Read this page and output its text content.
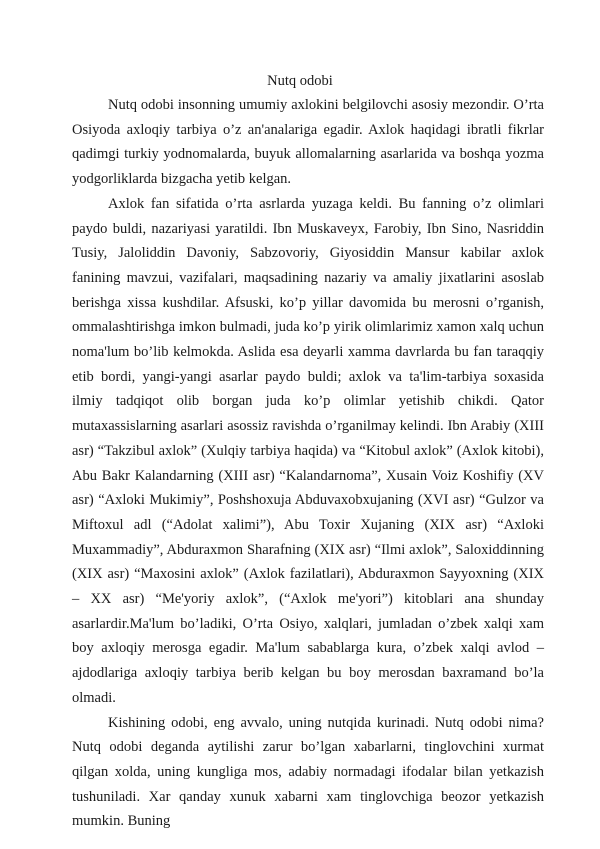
Nutq odobi

Nutq odobi insonning umumiy axlokini belgilovchi asosiy mezondir. O’rta Osiyoda axloqiy tarbiya o’z an'analariga egadir. Axlok haqidagi ibratli fikrlar qadimgi turkiy yodnomalarda, buyuk allomalarning asarlarida va boshqa yozma yodgorliklarda bizgacha yetib kelgan.

Axlok fan sifatida o’rta asrlarda yuzaga keldi. Bu fanning o’z olimlari paydo buldi, nazariyasi yaratildi. Ibn Muskaveyx, Farobiy, Ibn Sino, Nasriddin Tusiy, Jaloliddin Davoniy, Sabzovoriy, Giyosiddin Mansur kabilar axlok fanining mavzui, vazifalari, maqsadining nazariy va amaliy jixatlarini asoslab berishga xissa kushdilar. Afsuski, ko’p yillar davomida bu merosni o’rganish, ommalashtirishga imkon bulmadi, juda ko’p yirik olimlarimiz xamon xalq uchun noma'lum bo’lib kelmokda. Aslida esa deyarli xamma davrlarda bu fan taraqqiy etib bordi, yangi-yangi asarlar paydo buldi; axlok va ta'lim-tarbiya soxasida ilmiy tadqiqot olib borgan juda ko’p olimlar yetishib chikdi. Qator mutaxassislarning asarlari asossiz ravishda o’rganilmay kelindi. Ibn Arabiy (XIII asr) “Takzibul axlok” (Xulqiy tarbiya haqida) va “Kitobul axlok” (Axlok kitobi), Abu Bakr Kalandarning (XIII asr) “Kalandarnoma”, Xusain Voiz Koshifiy (XV asr) “Axloki Mukimiy”, Poshshoxuja Abduvaxobxujaning (XVI asr) “Gulzor va Miftoxul adl (“Adolat xalimi”), Abu Toxir Xujaning (XIX asr) “Axloki Muxammadiy”, Abduraxmon Sharafning (XIX asr) “Ilmi axlok”, Saloxiddinning (XIX asr) “Maxosini axlok” (Axlok fazilatlari), Abduraxmon Sayyoxning (XIX – XX asr) “Me'yoriy axlok”, (“Axlok me'yori”) kitoblari ana shunday asarlardir.Ma'lum bo’ladiki, O’rta Osiyo, xalqlari, jumladan o’zbek xalqi xam boy axloqiy merosga egadir. Ma'lum sabablarga kura, o’zbek xalqi avlod – ajdodlariga axloqiy tarbiya berib kelgan bu boy merosdan baxramand bo’la olmadi.

Kishining odobi, eng avvalo, uning nutqida kurinadi. Nutq odobi nima? Nutq odobi deganda aytilishi zarur bo’lgan xabarlarni, tinglovchini xurmat qilgan xolda, uning kungliga mos, adabiy normadagi ifodalar bilan yetkazish tushuniladi. Xar qanday xunuk xabarni xam tinglovchiga beozor yetkazish mumkin. Buning
